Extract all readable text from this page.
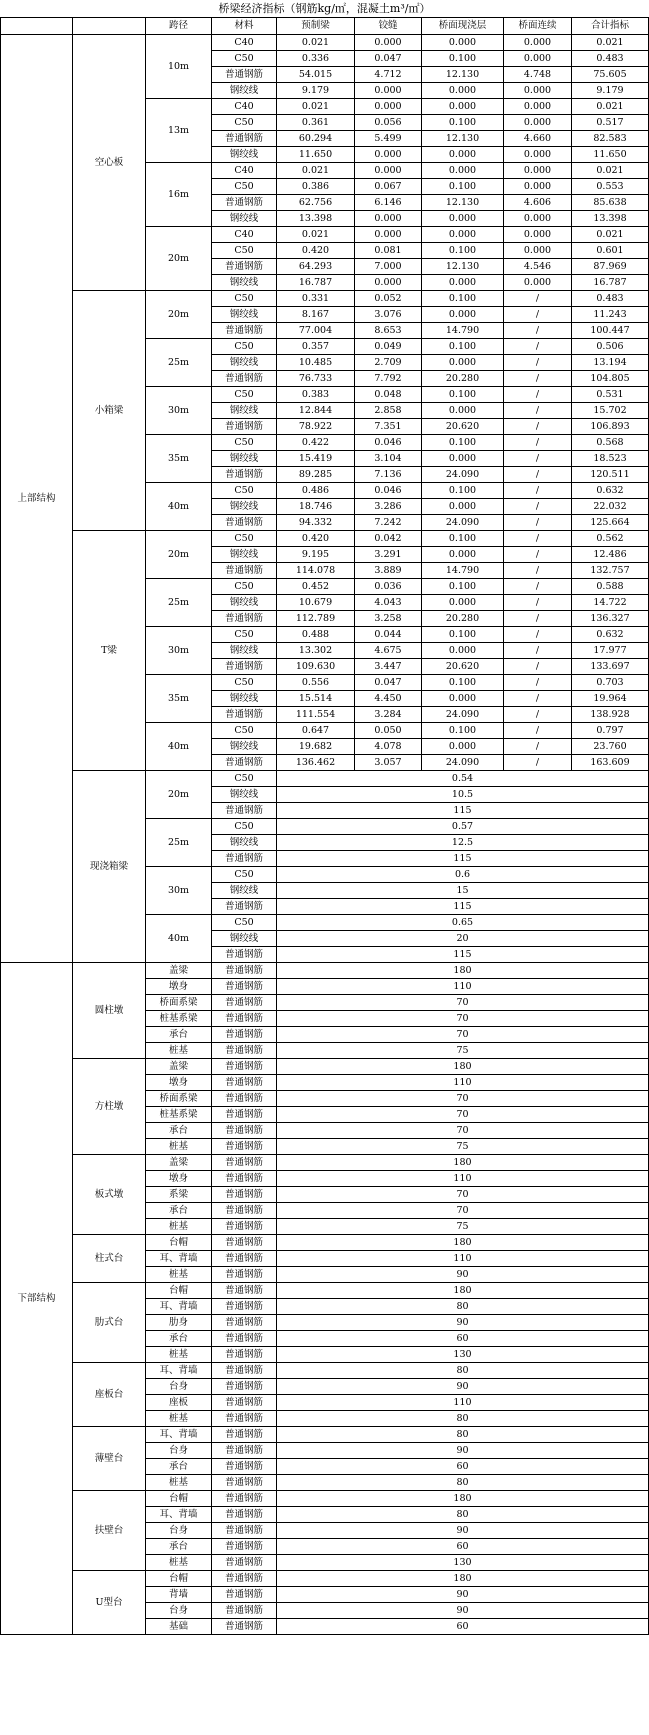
桥梁经济指标（钢筋kg/㎡，混凝土m³/㎡）
		跨径	材料	预制梁	铰缝	桥面现浇层	桥面连续	合计指标
上部结构	空心板	10m	C40	0.021	0.000	0.000	0.000	0.021
			C50	0.336	0.047	0.100	0.000	0.483
			普通钢筋	54.015	4.712	12.130	4.748	75.605
			钢绞线	9.179	0.000	0.000	0.000	9.179
		13m	C40	0.021	0.000	0.000	0.000	0.021
			C50	0.361	0.056	0.100	0.000	0.517
			普通钢筋	60.294	5.499	12.130	4.660	82.583
			钢绞线	11.650	0.000	0.000	0.000	11.650
		16m	C40	0.021	0.000	0.000	0.000	0.021
			C50	0.386	0.067	0.100	0.000	0.553
			普通钢筋	62.756	6.146	12.130	4.606	85.638
			钢绞线	13.398	0.000	0.000	0.000	13.398
		20m	C40	0.021	0.000	0.000	0.000	0.021
			C50	0.420	0.081	0.100	0.000	0.601
			普通钢筋	64.293	7.000	12.130	4.546	87.969
			钢绞线	16.787	0.000	0.000	0.000	16.787
	小箱梁	20m	C50	0.331	0.052	0.100	/	0.483
			钢绞线	8.167	3.076	0.000	/	11.243
			普通钢筋	77.004	8.653	14.790	/	100.447
		25m	C50	0.357	0.049	0.100	/	0.506
			钢绞线	10.485	2.709	0.000	/	13.194
			普通钢筋	76.733	7.792	20.280	/	104.805
		30m	C50	0.383	0.048	0.100	/	0.531
			钢绞线	12.844	2.858	0.000	/	15.702
			普通钢筋	78.922	7.351	20.620	/	106.893
		35m	C50	0.422	0.046	0.100	/	0.568
			钢绞线	15.419	3.104	0.000	/	18.523
			普通钢筋	89.285	7.136	24.090	/	120.511
		40m	C50	0.486	0.046	0.100	/	0.632
			钢绞线	18.746	3.286	0.000	/	22.032
			普通钢筋	94.332	7.242	24.090	/	125.664
	T梁	20m	C50	0.420	0.042	0.100	/	0.562
			钢绞线	9.195	3.291	0.000	/	12.486
			普通钢筋	114.078	3.889	14.790	/	132.757
		25m	C50	0.452	0.036	0.100	/	0.588
			钢绞线	10.679	4.043	0.000	/	14.722
			普通钢筋	112.789	3.258	20.280	/	136.327
		30m	C50	0.488	0.044	0.100	/	0.632
			钢绞线	13.302	4.675	0.000	/	17.977
			普通钢筋	109.630	3.447	20.620	/	133.697
		35m	C50	0.556	0.047	0.100	/	0.703
			钢绞线	15.514	4.450	0.000	/	19.964
			普通钢筋	111.554	3.284	24.090	/	138.928
		40m	C50	0.647	0.050	0.100	/	0.797
			钢绞线	19.682	4.078	0.000	/	23.760
			普通钢筋	136.462	3.057	24.090	/	163.609
	现浇箱梁	20m	C50	0.54				
			钢绞线	10.5				
			普通钢筋	115				
		25m	C50	0.57				
			钢绞线	12.5				
			普通钢筋	115				
		30m	C50	0.6				
			钢绞线	15				
			普通钢筋	115				
		40m	C50	0.65				
			钢绞线	20				
			普通钢筋	115				
下部结构	圆柱墩	盖梁	普通钢筋	180				
		墩身	普通钢筋	110				
		桥面系梁	普通钢筋	70				
		桩基系梁	普通钢筋	70				
		承台	普通钢筋	70				
		桩基	普通钢筋	75				
	方柱墩	盖梁	普通钢筋	180				
		墩身	普通钢筋	110				
		桥面系梁	普通钢筋	70				
		桩基系梁	普通钢筋	70				
		承台	普通钢筋	70				
		桩基	普通钢筋	75				
	板式墩	盖梁	普通钢筋	180				
		墩身	普通钢筋	110				
		系梁	普通钢筋	70				
		承台	普通钢筋	70				
		桩基	普通钢筋	75				
	柱式台	台帽	普通钢筋	180				
		耳、背墙	普通钢筋	110				
		桩基	普通钢筋	90				
	肋式台	台帽	普通钢筋	180				
		耳、背墙	普通钢筋	80				
		肋身	普通钢筋	90				
		承台	普通钢筋	60				
		桩基	普通钢筋	130				
	座板台	耳、背墙	普通钢筋	80				
		台身	普通钢筋	90				
		座板	普通钢筋	110				
		桩基	普通钢筋	80				
	薄壁台	耳、背墙	普通钢筋	80				
		台身	普通钢筋	90				
		承台	普通钢筋	60				
		桩基	普通钢筋	80				
	扶壁台	台帽	普通钢筋	180				
		耳、背墙	普通钢筋	80				
		台身	普通钢筋	90				
		承台	普通钢筋	60				
		桩基	普通钢筋	130				
	U型台	台帽	普通钢筋	180				
		背墙	普通钢筋	90				
		台身	普通钢筋	90				
		基础	普通钢筋	60				
